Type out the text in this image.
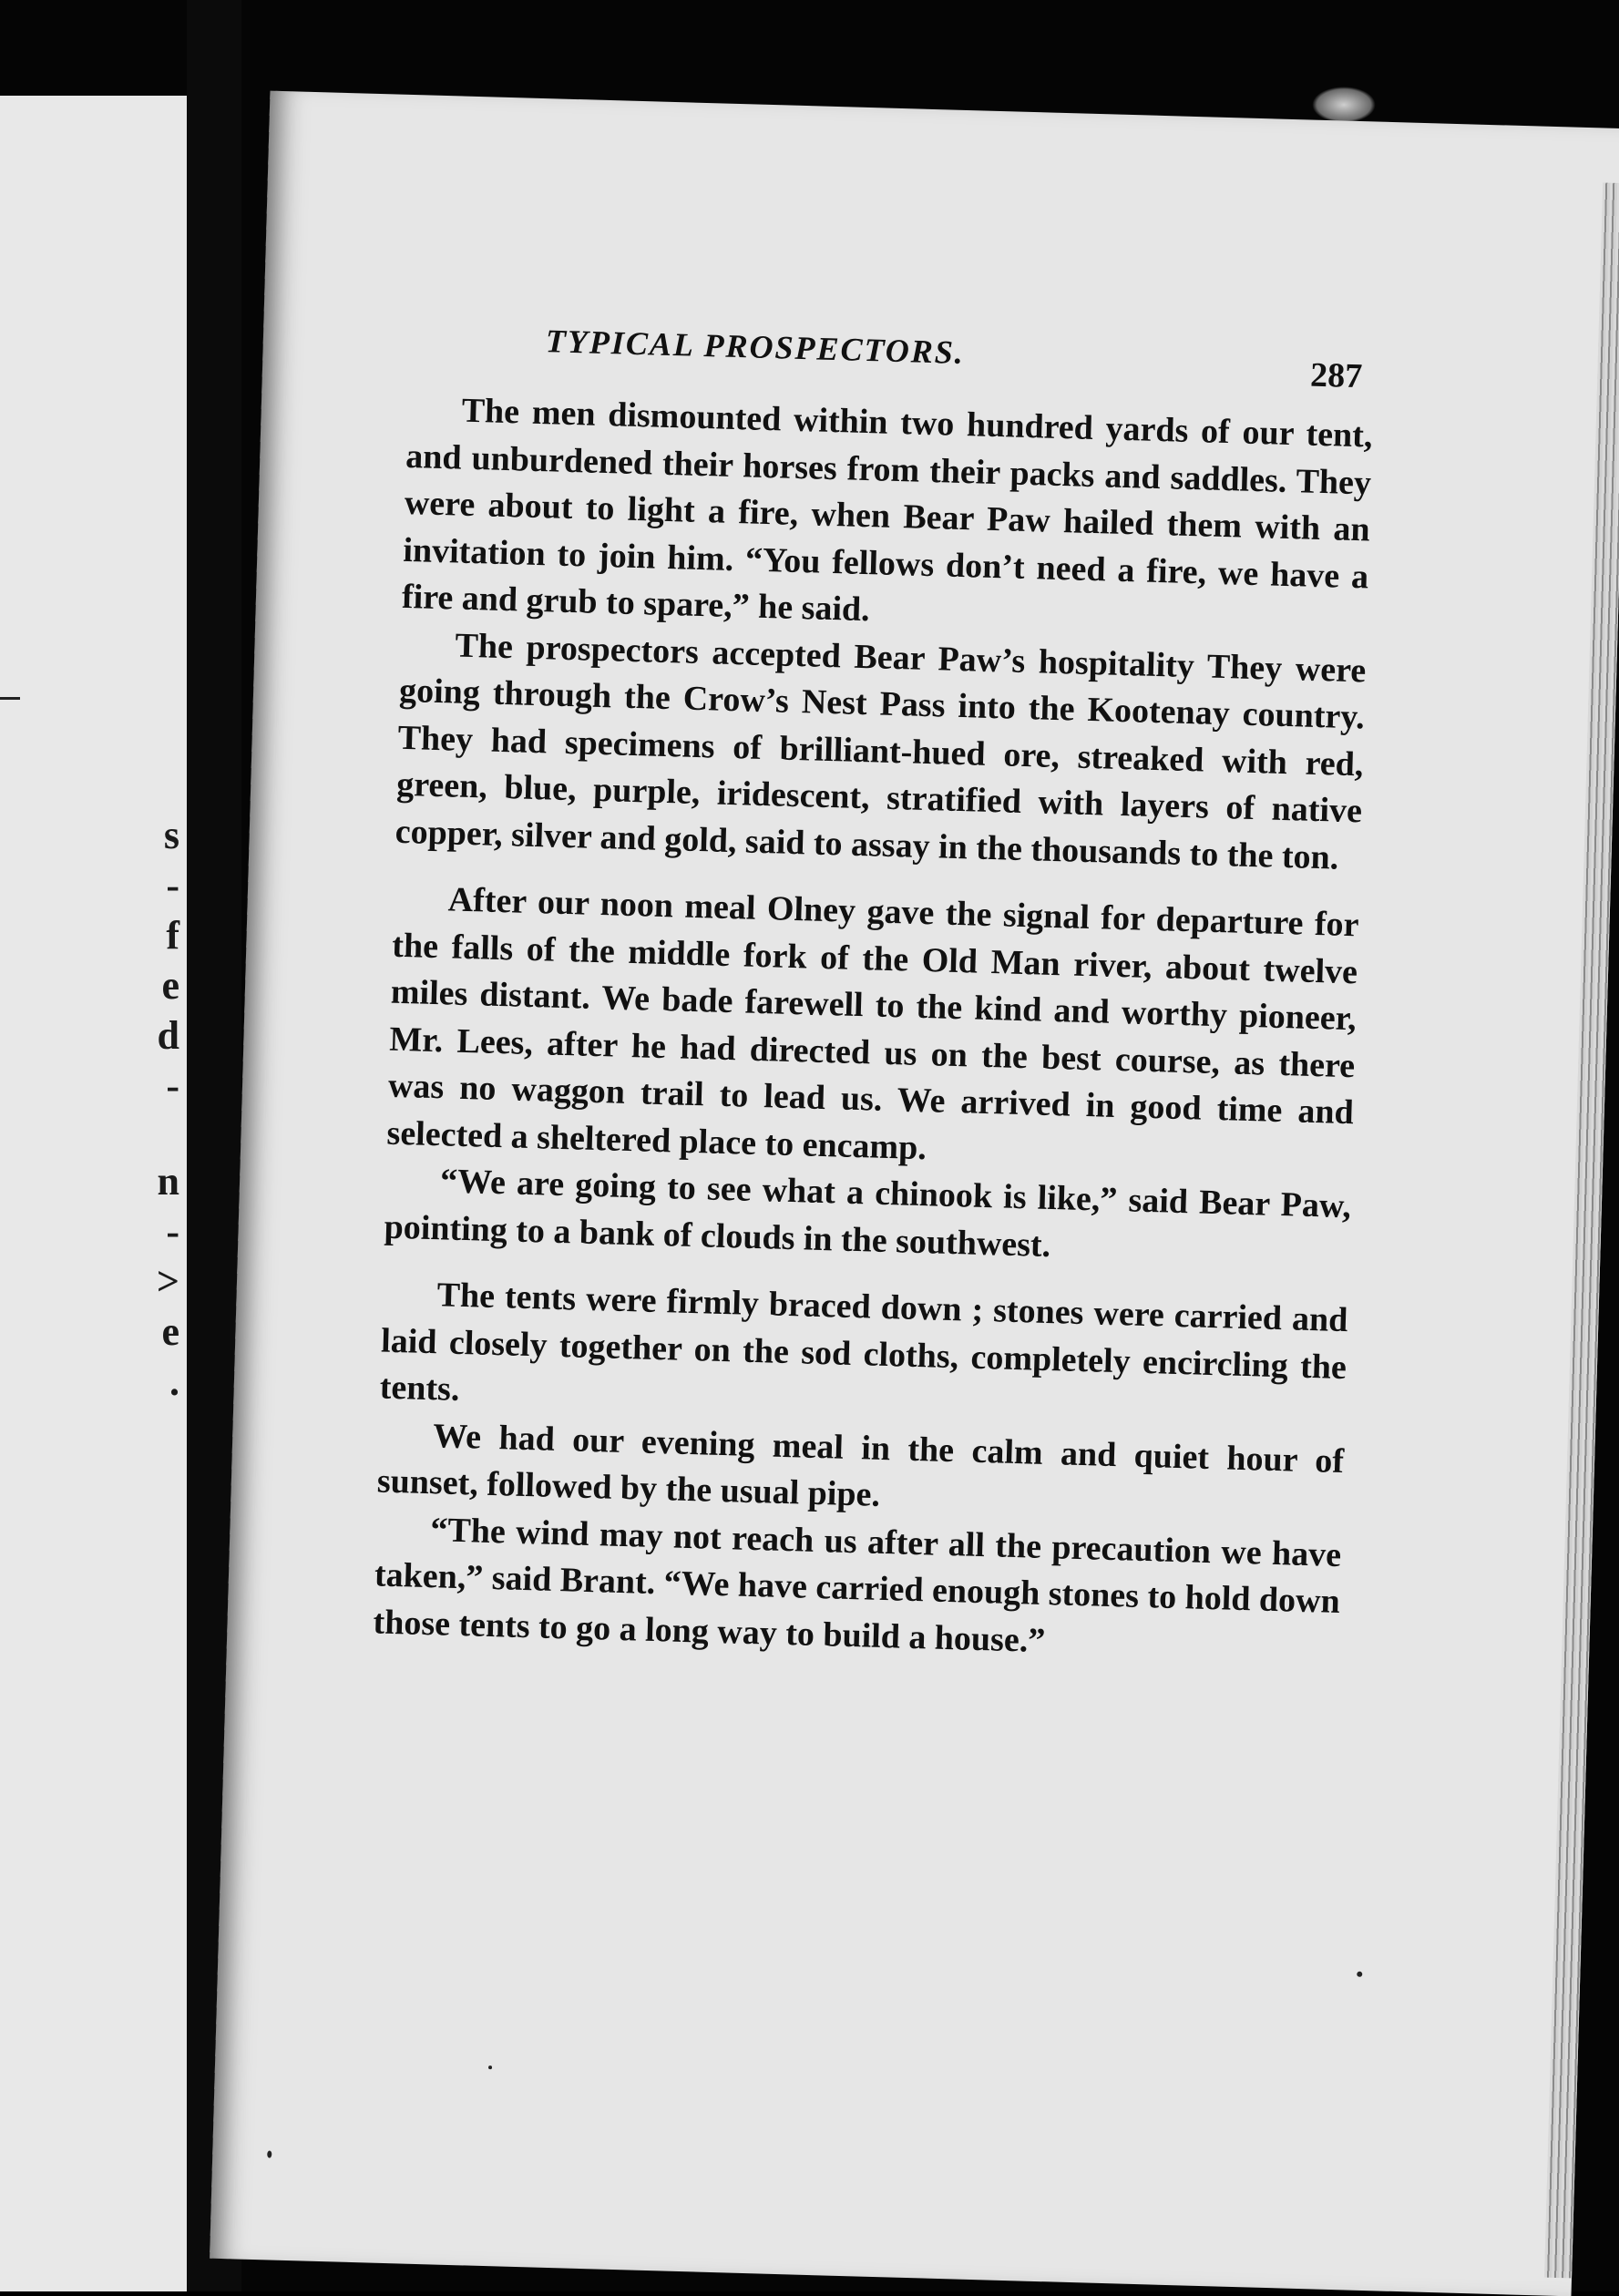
s
-
f
e
d
-
n
-
>
e
.
TYPICAL PROSPECTORS.
287

The men dismounted within two hundred yards of our tent, and unburdened their horses from their packs and saddles. They were about to light a fire, when Bear Paw hailed them with an invitation to join him. “You fellows don’t need a fire, we have a fire and grub to spare,” he said.

The prospectors accepted Bear Paw’s hospitality They were going through the Crow’s Nest Pass into the Kootenay country. They had specimens of brilliant-hued ore, streaked with red, green, blue, purple, iridescent, stratified with layers of native copper, silver and gold, said to assay in the thousands to the ton.

After our noon meal Olney gave the signal for departure for the falls of the middle fork of the Old Man river, about twelve miles distant. We bade farewell to the kind and worthy pioneer, Mr. Lees, after he had directed us on the best course, as there was no waggon trail to lead us. We arrived in good time and selected a sheltered place to encamp.

“We are going to see what a chinook is like,” said Bear Paw, pointing to a bank of clouds in the southwest.

The tents were firmly braced down ; stones were carried and laid closely together on the sod cloths, completely encircling the tents.

We had our evening meal in the calm and quiet hour of sunset, followed by the usual pipe.

“The wind may not reach us after all the precaution we have taken,” said Brant. “We have carried enough stones to hold down those tents to go a long way to build a house.”
